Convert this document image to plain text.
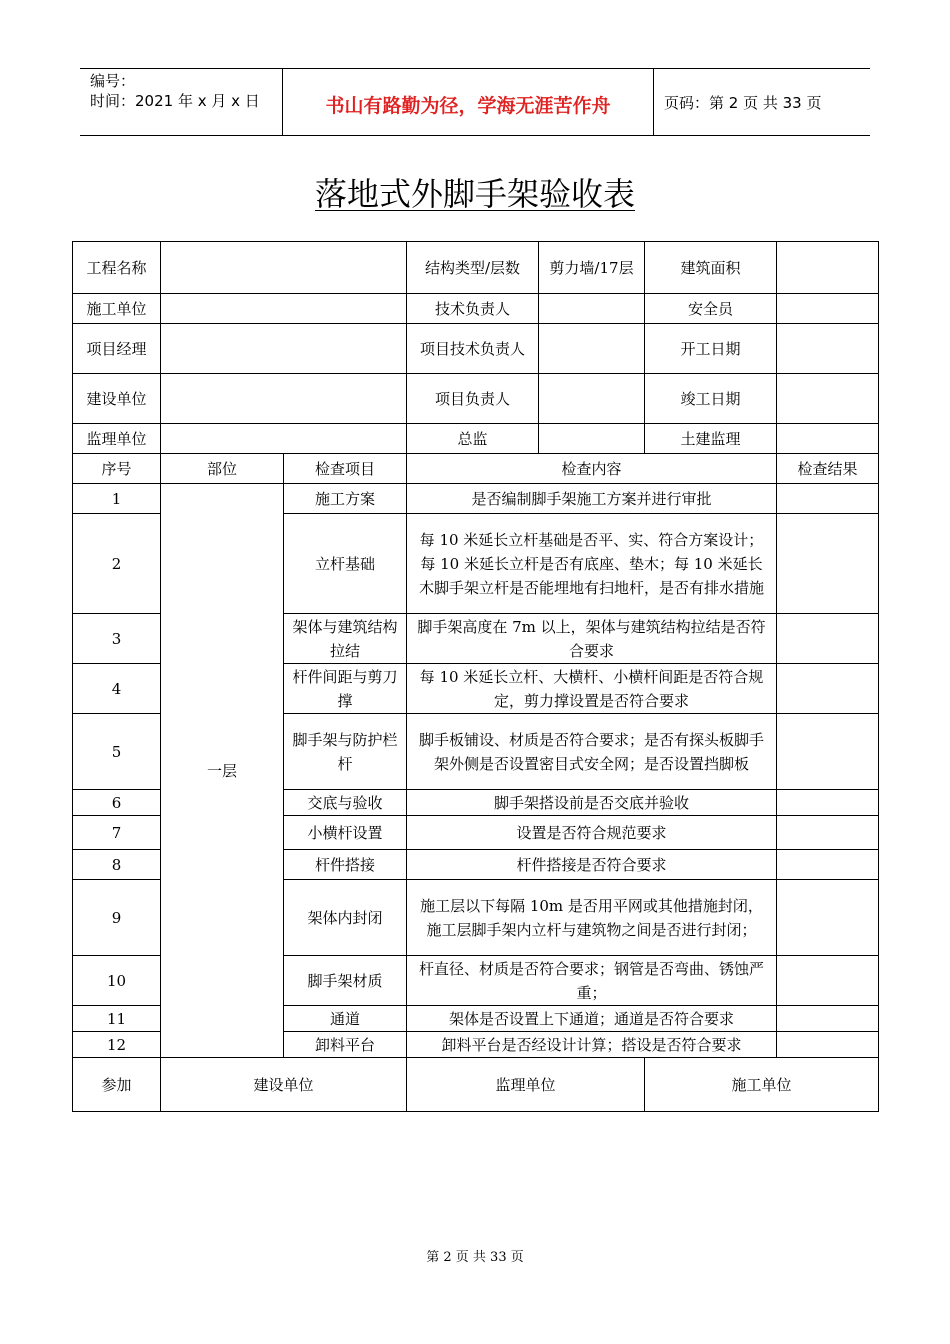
编号：
时间：2021 年 x 月 x 日	书山有路勤为径，学海无涯苦作舟	页码：第 2 页 共 33 页
落地式外脚手架验收表
工程名称			结构类型/层数	剪力墙/17层	建筑面积	
施工单位			技术负责人		安全员	
项目经理			项目技术负责人		开工日期	
建设单位			项目负责人		竣工日期	
监理单位			总监		土建监理	
序号	部位	检查项目	检查内容			检查结果
1	一层	施工方案	是否编制脚手架施工方案并进行审批			
2		立杆基础	每 10 米延长立杆基础是否平、实、符合方案设计；每 10 米延长立杆是否有底座、垫木；每 10 米延长木脚手架立杆是否能埋地有扫地杆，是否有排水措施			
3		架体与建筑结构拉结	脚手架高度在 7m 以上，架体与建筑结构拉结是否符合要求			
4		杆件间距与剪刀撑	每 10 米延长立杆、大横杆、小横杆间距是否符合规定，剪力撑设置是否符合要求			
5		脚手架与防护栏杆	脚手板铺设、材质是否符合要求；是否有探头板脚手架外侧是否设置密目式安全网；是否设置挡脚板			
6		交底与验收	脚手架搭设前是否交底并验收			
7		小横杆设置	设置是否符合规范要求			
8		杆件搭接	杆件搭接是否符合要求			
9		架体内封闭	施工层以下每隔 10m 是否用平网或其他措施封闭，施工层脚手架内立杆与建筑物之间是否进行封闭；			
10		脚手架材质	杆直径、材质是否符合要求；钢管是否弯曲、锈蚀严重；			
11		通道	架体是否设置上下通道；通道是否符合要求			
12		卸料平台	卸料平台是否经设计计算；搭设是否符合要求			
参加	建设单位		监理单位		施工单位	
第 2 页 共 33 页
